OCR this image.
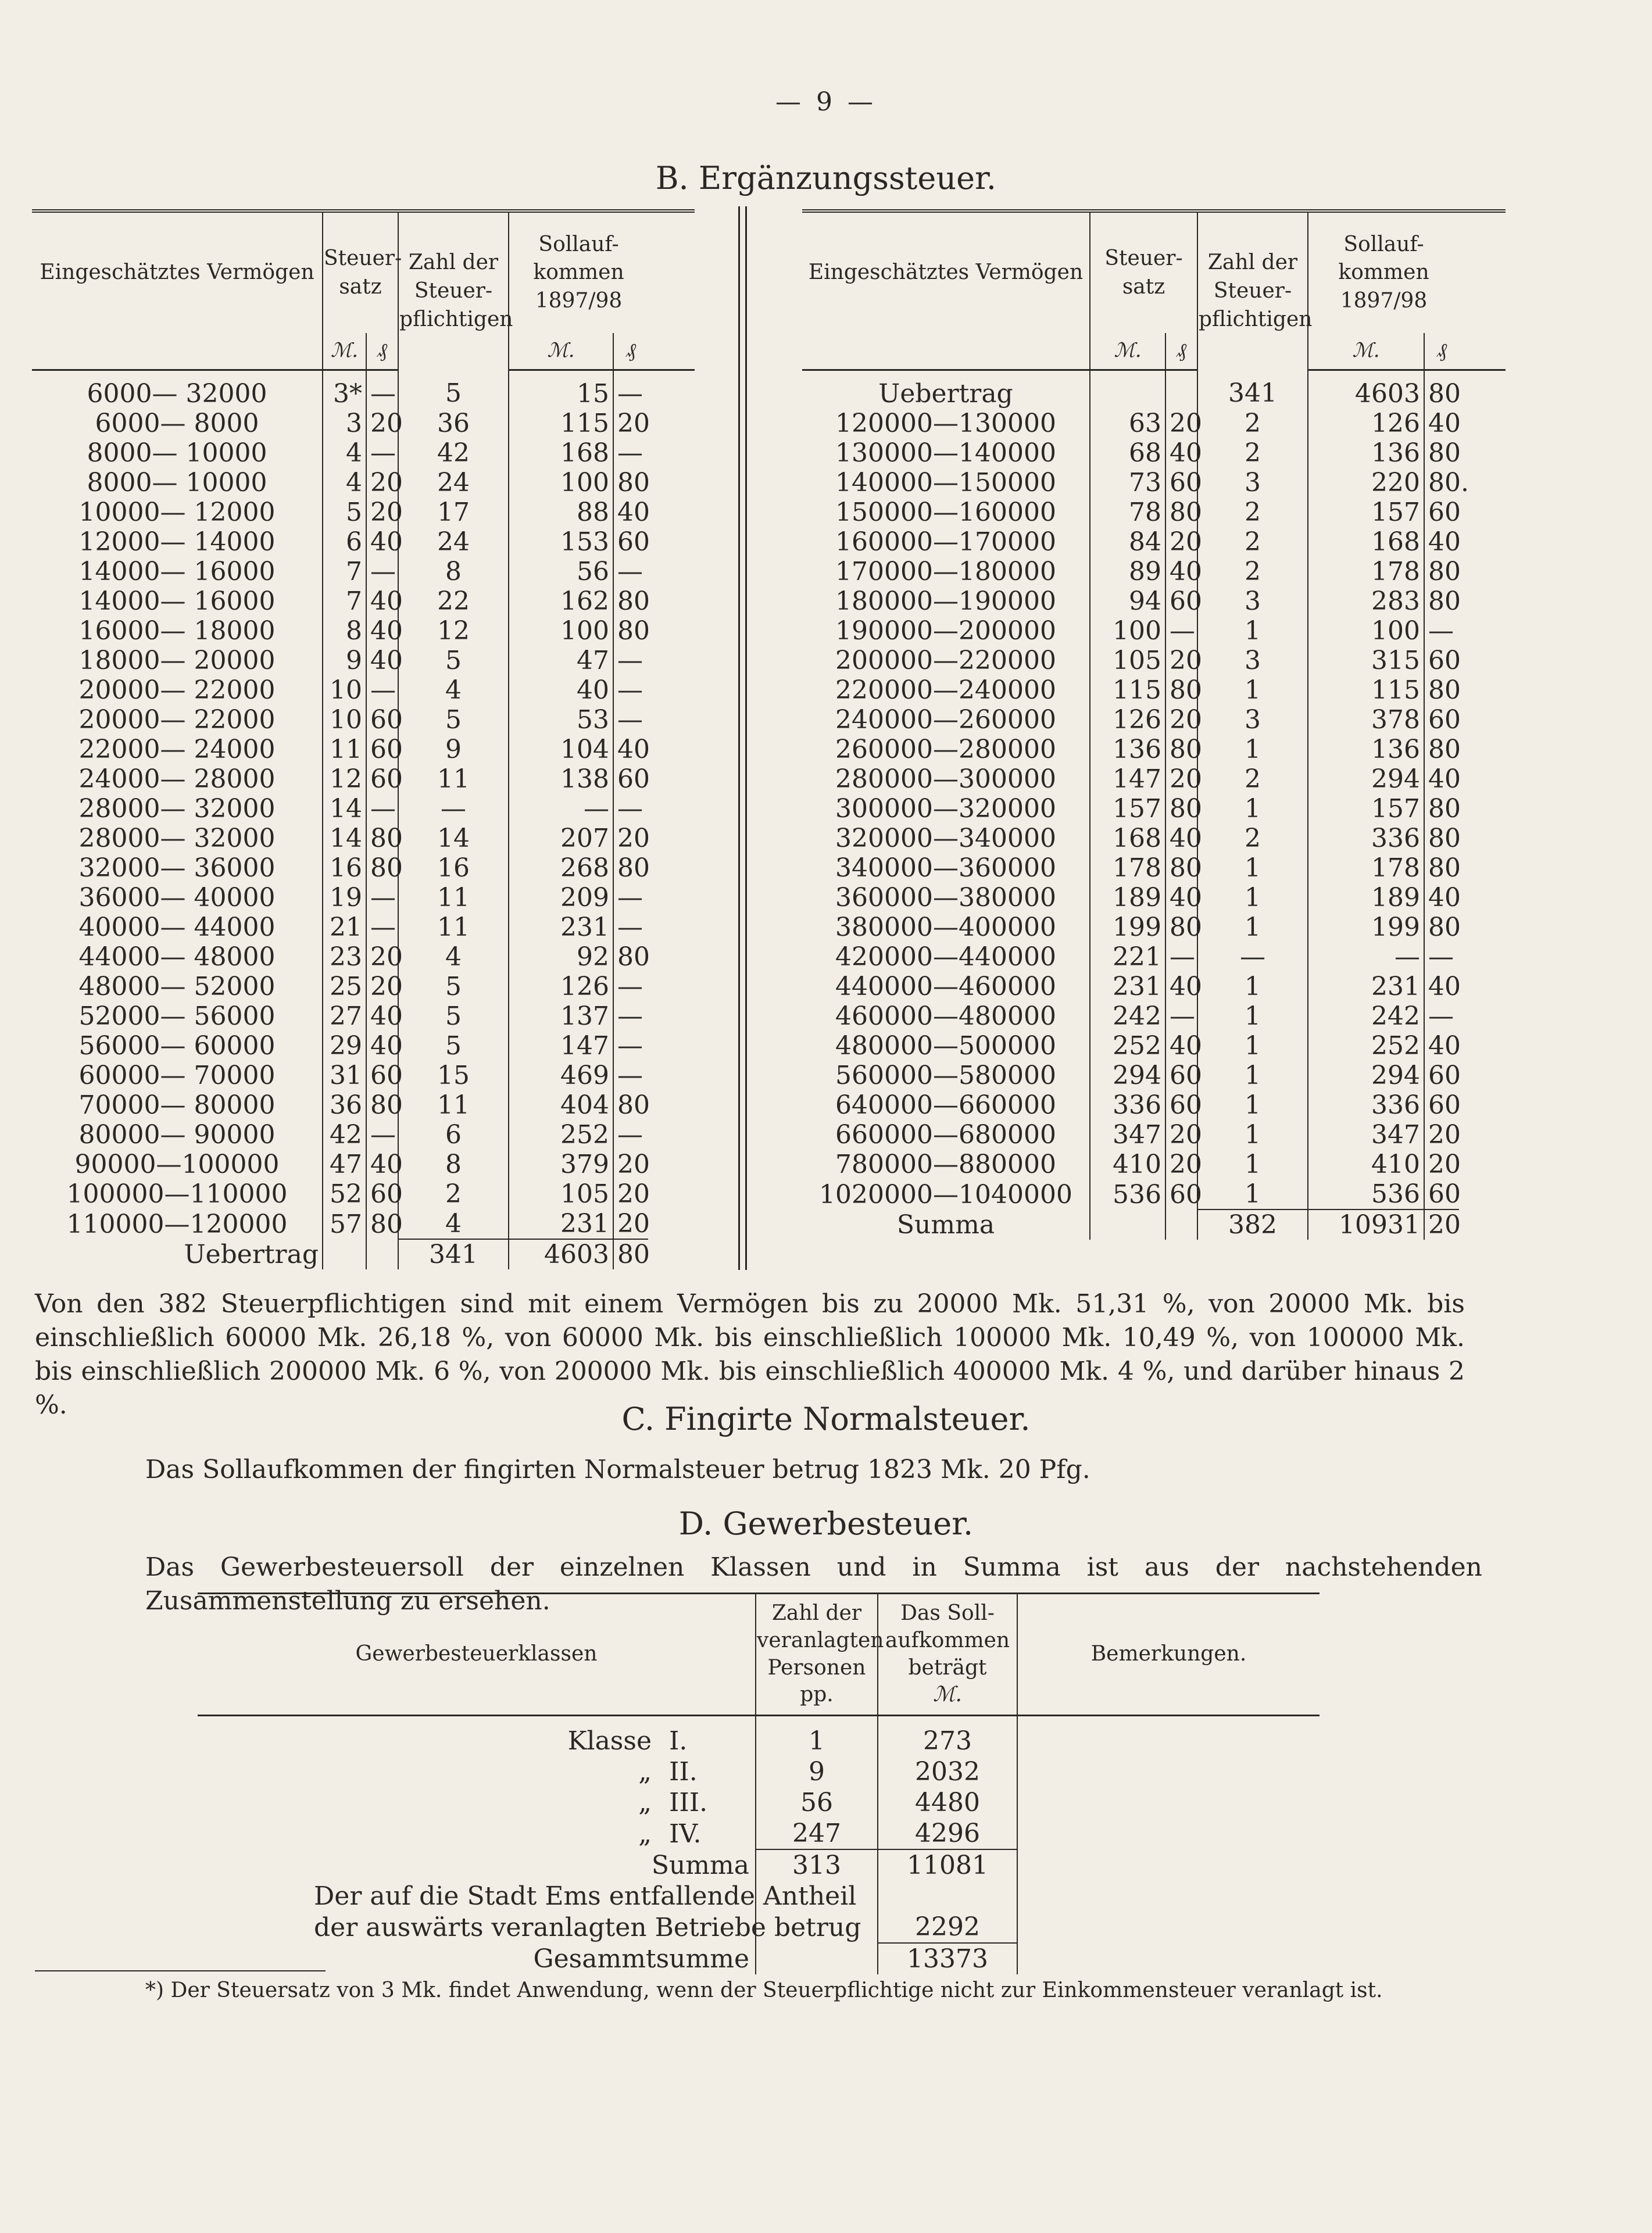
— 9 —
B. Ergänzungssteuer.
Eingeschätztes Vermögen	Steuer-satz		Zahl der Steuer-pflichtigen	Sollauf-kommen 1897/98		
	ℳ.	₰		ℳ.	₰	
6000— 32000	3*	—	5	15	—	
6000— 8000	3	20	36	115	20	
8000— 10000	4	—	42	168	—	
8000— 10000	4	20	24	100	80	
10000— 12000	5	20	17	88	40	
12000— 14000	6	40	24	153	60	
14000— 16000	7	—	8	56	—	
14000— 16000	7	40	22	162	80	
16000— 18000	8	40	12	100	80	
18000— 20000	9	40	5	47	—	
20000— 22000	10	—	4	40	—	
20000— 22000	10	60	5	53	—	
22000— 24000	11	60	9	104	40	
24000— 28000	12	60	11	138	60	
28000— 32000	14	—	—	—	—	
28000— 32000	14	80	14	207	20	
32000— 36000	16	80	16	268	80	
36000— 40000	19	—	11	209	—	
40000— 44000	21	—	11	231	—	
44000— 48000	23	20	4	92	80	
48000— 52000	25	20	5	126	—	
52000— 56000	27	40	5	137	—	
56000— 60000	29	40	5	147	—	
60000— 70000	31	60	15	469	—	
70000— 80000	36	80	11	404	80	
80000— 90000	42	—	6	252	—	
90000—100000	47	40	8	379	20	
100000—110000	52	60	2	105	20	
110000—120000	57	80	4	231	20	
Uebertrag			341	4603	80	
Eingeschätztes Vermögen	Steuer-satz		Zahl der Steuer-pflichtigen	Sollauf-kommen 1897/98		
	ℳ.	₰		ℳ.	₰	
Uebertrag			341	4603	80	
120000—130000	63	20	2	126	40	
130000—140000	68	40	2	136	80	
140000—150000	73	60	3	220	80.	
150000—160000	78	80	2	157	60	
160000—170000	84	20	2	168	40	
170000—180000	89	40	2	178	80	
180000—190000	94	60	3	283	80	
190000—200000	100	—	1	100	—	
200000—220000	105	20	3	315	60	
220000—240000	115	80	1	115	80	
240000—260000	126	20	3	378	60	
260000—280000	136	80	1	136	80	
280000—300000	147	20	2	294	40	
300000—320000	157	80	1	157	80	
320000—340000	168	40	2	336	80	
340000—360000	178	80	1	178	80	
360000—380000	189	40	1	189	40	
380000—400000	199	80	1	199	80	
420000—440000	221	—	—	—	—	
440000—460000	231	40	1	231	40	
460000—480000	242	—	1	242	—	
480000—500000	252	40	1	252	40	
560000—580000	294	60	1	294	60	
640000—660000	336	60	1	336	60	
660000—680000	347	20	1	347	20	
780000—880000	410	20	1	410	20	
1020000—1040000	536	60	1	536	60	
Summa			382	10931	20	
Von den 382 Steuerpflichtigen sind mit einem Vermögen bis zu 20000 Mk. 51,31 %, von 20000 Mk. bis einschließlich 60000 Mk. 26,18 %, von 60000 Mk. bis einschließlich 100000 Mk. 10,49 %, von 100000 Mk. bis einschließlich 200000 Mk. 6 %, von 200000 Mk. bis einschließlich 400000 Mk. 4 %, und darüber hinaus 2 %.	C. Fingirte Normalsteuer.
Das Sollaufkommen der fingirten Normalsteuer betrug 1823 Mk. 20 Pfg.
D. Gewerbesteuer.
Das Gewerbesteuersoll der einzelnen Klassen und in Summa ist aus der nachstehenden Zusammenstellung zu ersehen.
Gewerbesteuerklassen	Zahl der veranlagten Personen pp.	Das Soll-aufkommen beträgt
ℳ.	Bemerkungen.

Klasse I.	1	273	
„ II.	9	2032	
„ III.	56	4480	
„ IV.	247	4296	
Summa	313	11081	
Der auf die Stadt Ems entfallende Antheil			
der auswärts veranlagten Betriebe betrug		2292	
Gesammtsumme		13373	
*) Der Steuersatz von 3 Mk. findet Anwendung, wenn der Steuerpflichtige nicht zur Einkommensteuer veranlagt ist.
